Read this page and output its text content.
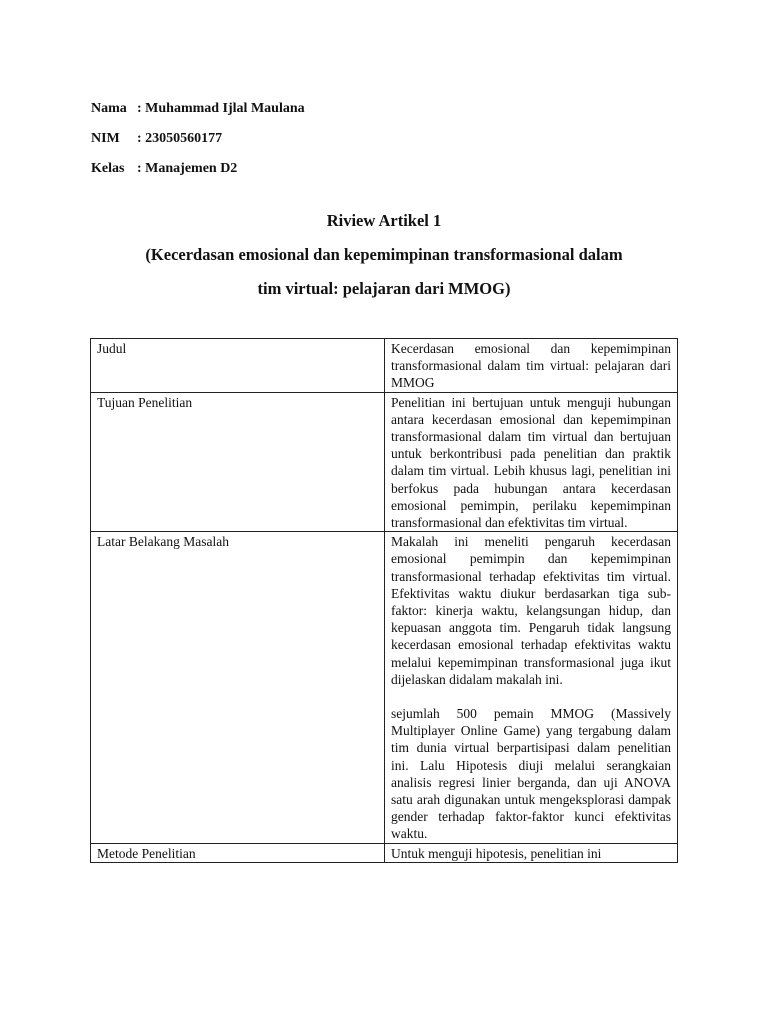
Nama : Muhammad Ijlal Maulana
NIM	: 23050560177
Kelas : Manajemen D2
Riview Artikel 1
(Kecerdasan emosional dan kepemimpinan transformasional dalam
tim virtual: pelajaran dari MMOG)
Judul	Kecerdasan emosional dan kepemimpinan transformasional dalam tim virtual: pelajaran dari MMOG

Tujuan Penelitian	Penelitian ini bertujuan untuk menguji hubungan antara kecerdasan emosional dan kepemimpinan transformasional dalam tim virtual dan bertujuan untuk berkontribusi pada penelitian dan praktik dalam tim virtual. Lebih khusus lagi, penelitian ini berfokus pada hubungan antara kecerdasan emosional pemimpin, perilaku kepemimpinan transformasional dan efektivitas tim virtual.

Latar Belakang Masalah	Makalah ini meneliti pengaruh kecerdasan emosional pemimpin dan kepemimpinan transformasional terhadap efektivitas tim virtual. Efektivitas waktu diukur berdasarkan tiga sub-faktor: kinerja waktu, kelangsungan hidup, dan kepuasan anggota tim. Pengaruh tidak langsung kecerdasan emosional terhadap efektivitas waktu melalui kepemimpinan transformasional juga ikut dijelaskan didalam makalah ini.
sejumlah 500 pemain MMOG (Massively Multiplayer Online Game) yang tergabung dalam tim dunia virtual berpartisipasi dalam penelitian ini. Lalu Hipotesis diuji melalui serangkaian analisis regresi linier berganda, dan uji ANOVA satu arah digunakan untuk mengeksplorasi dampak gender terhadap faktor-faktor kunci efektivitas waktu.

Metode Penelitian	Untuk menguji hipotesis, penelitian ini
